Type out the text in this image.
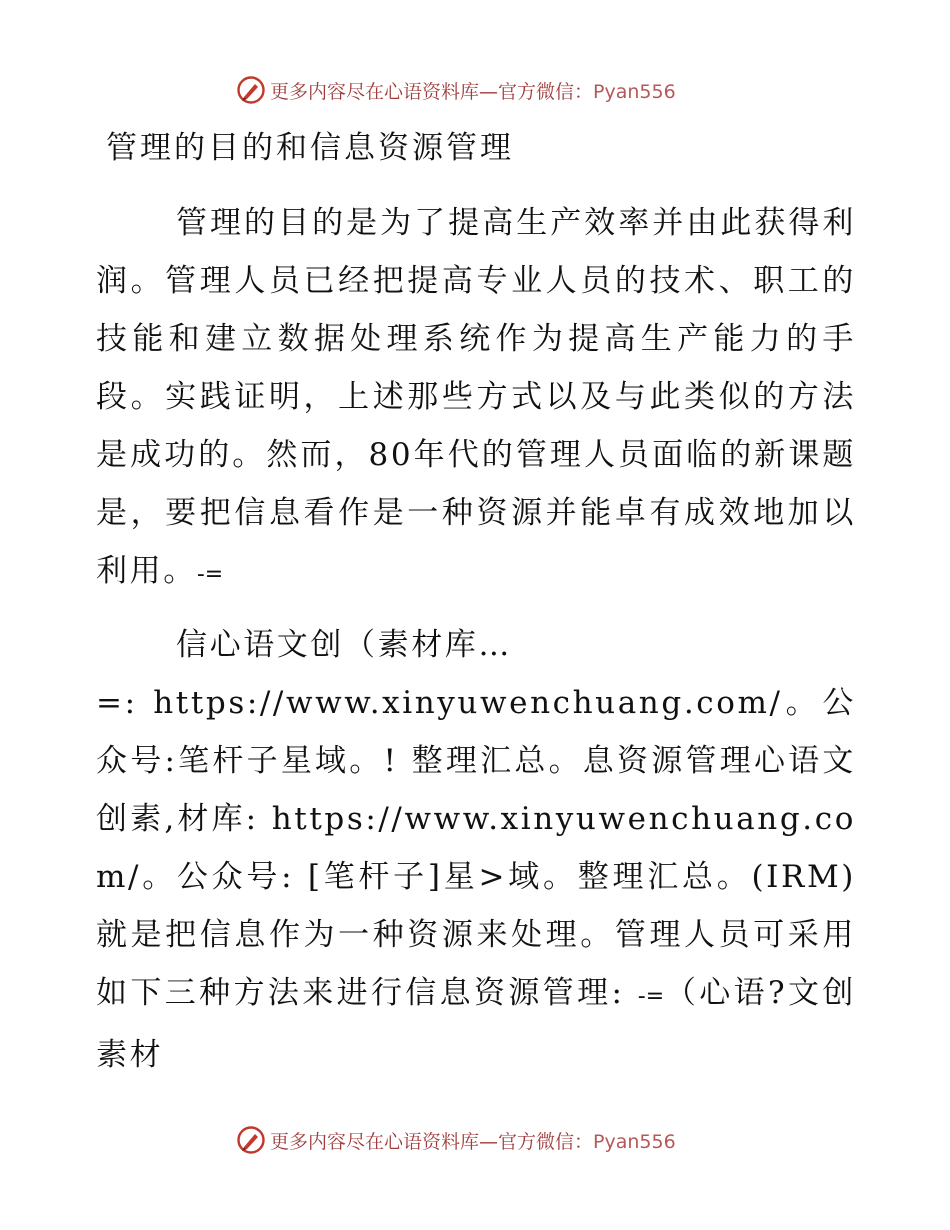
更多内容尽在心语资料库—官方微信：Pyan556
管理的目的和信息资源管理

管理的目的是为了提高生产效率并由此获得利润。管理人员已经把提高专业人员的技术、职工的技能和建立数据处理系统作为提高生产能力的手段。实践证明，上述那些方式以及与此类似的方法是成功的。然而，80年代的管理人员面临的新课题是，要把信息看作是一种资源并能卓有成效地加以利用。-=

信心语文创（素材库…

=: https://www.xinyuwenchuang.com/。公众号:笔杆子星域。! 整理汇总。息资源管理心语文创素,材库: https://www.xinyuwenchuang.com/。公众号: [笔杆子]星>域。整理汇总。(IRM)就是把信息作为一种资源来处理。管理人员可采用如下三种方法来进行信息资源管理: -=（心语?文创素材

更多内容尽在心语资料库—官方微信：Pyan556
